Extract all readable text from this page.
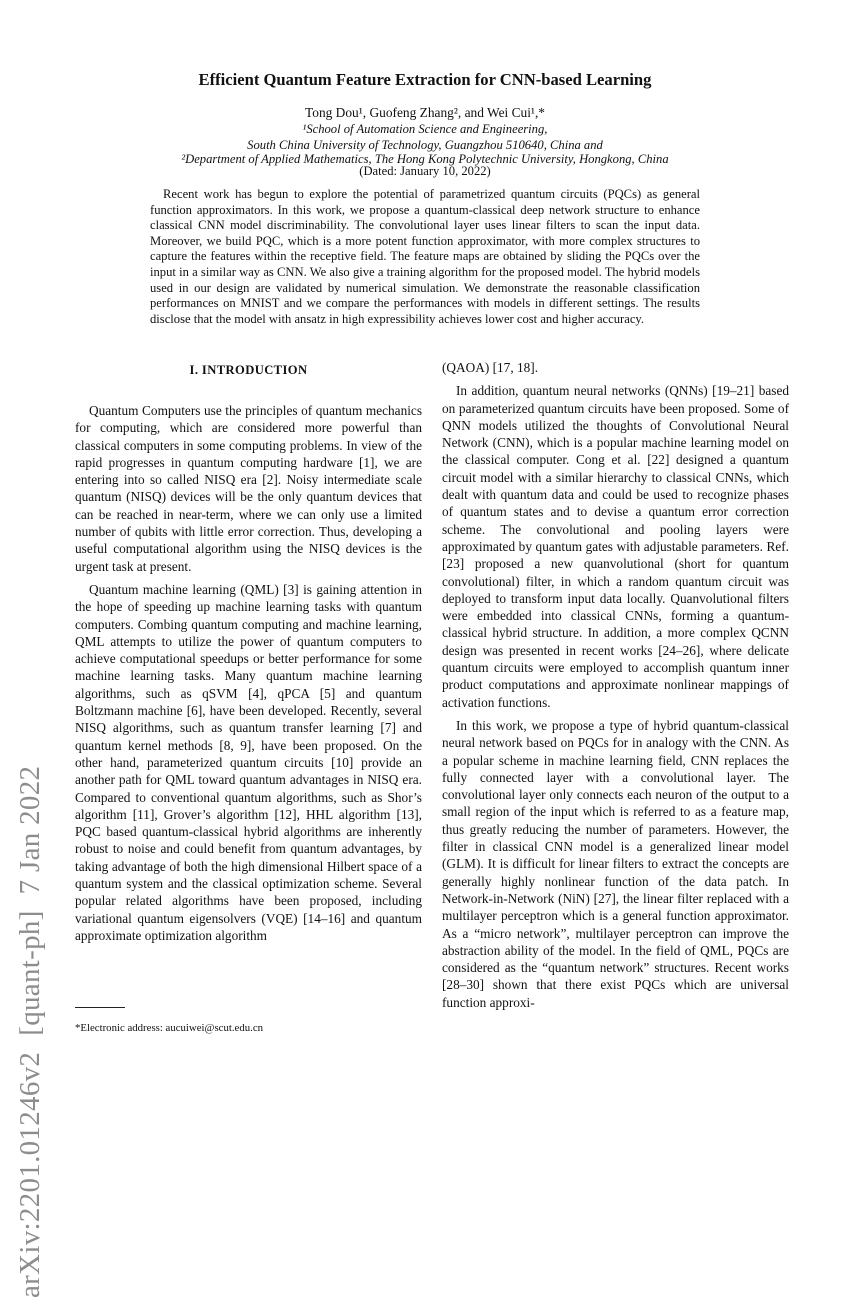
arXiv:2201.01246v2[quant-ph]7 Jan 2022
Efficient Quantum Feature Extraction for CNN-based Learning
Tong Dou¹, Guofeng Zhang², and Wei Cui¹,*
¹School of Automation Science and Engineering,
South China University of Technology, Guangzhou 510640, China and
²Department of Applied Mathematics, The Hong Kong Polytechnic University, Hongkong, China
(Dated: January 10, 2022)

Recent work has begun to explore the potential of parametrized quantum circuits (PQCs) as general function approximators. In this work, we propose a quantum-classical deep network structure to enhance classical CNN model discriminability. The convolutional layer uses linear filters to scan the input data. Moreover, we build PQC, which is a more potent function approximator, with more complex structures to capture the features within the receptive field. The feature maps are obtained by sliding the PQCs over the input in a similar way as CNN. We also give a training algorithm for the proposed model. The hybrid models used in our design are validated by numerical simulation. We demonstrate the reasonable classification performances on MNIST and we compare the performances with models in different settings. The results disclose that the model with ansatz in high expressibility achieves lower cost and higher accuracy.

I. INTRODUCTION

Quantum Computers use the principles of quantum mechanics for computing, which are considered more powerful than classical computers in some computing problems. In view of the rapid progresses in quantum computing hardware [1], we are entering into so called NISQ era [2]. Noisy intermediate scale quantum (NISQ) devices will be the only quantum devices that can be reached in near-term, where we can only use a limited number of qubits with little error correction. Thus, developing a useful computational algorithm using the NISQ devices is the urgent task at present.

Quantum machine learning (QML) [3] is gaining attention in the hope of speeding up machine learning tasks with quantum computers. Combing quantum computing and machine learning, QML attempts to utilize the power of quantum computers to achieve computational speedups or better performance for some machine learning tasks. Many quantum machine learning algorithms, such as qSVM [4], qPCA [5] and quantum Boltzmann machine [6], have been developed. Recently, several NISQ algorithms, such as quantum transfer learning [7] and quantum kernel methods [8, 9], have been proposed. On the other hand, parameterized quantum circuits [10] provide an another path for QML toward quantum advantages in NISQ era. Compared to conventional quantum algorithms, such as Shor’s algorithm [11], Grover’s algorithm [12], HHL algorithm [13], PQC based quantum-classical hybrid algorithms are inherently robust to noise and could benefit from quantum advantages, by taking advantage of both the high dimensional Hilbert space of a quantum system and the classical optimization scheme. Several popular related algorithms have been proposed, including variational quantum eigensolvers (VQE) [14–16] and quantum approximate optimization algorithm

(QAOA) [17, 18].

In addition, quantum neural networks (QNNs) [19–21] based on parameterized quantum circuits have been proposed. Some of QNN models utilized the thoughts of Convolutional Neural Network (CNN), which is a popular machine learning model on the classical computer. Cong et al. [22] designed a quantum circuit model with a similar hierarchy to classical CNNs, which dealt with quantum data and could be used to recognize phases of quantum states and to devise a quantum error correction scheme. The convolutional and pooling layers were approximated by quantum gates with adjustable parameters. Ref. [23] proposed a new quanvolutional (short for quantum convolutional) filter, in which a random quantum circuit was deployed to transform input data locally. Quanvolutional filters were embedded into classical CNNs, forming a quantum-classical hybrid structure. In addition, a more complex QCNN design was presented in recent works [24–26], where delicate quantum circuits were employed to accomplish quantum inner product computations and approximate nonlinear mappings of activation functions.

In this work, we propose a type of hybrid quantum-classical neural network based on PQCs for in analogy with the CNN. As a popular scheme in machine learning field, CNN replaces the fully connected layer with a convolutional layer. The convolutional layer only connects each neuron of the output to a small region of the input which is referred to as a feature map, thus greatly reducing the number of parameters. However, the filter in classical CNN model is a generalized linear model (GLM). It is difficult for linear filters to extract the concepts are generally highly nonlinear function of the data patch. In Network-in-Network (NiN) [27], the linear filter replaced with a multilayer perceptron which is a general function approximator. As a “micro network”, multilayer perceptron can improve the abstraction ability of the model. In the field of QML, PQCs are considered as the “quantum network” structures. Recent works [28–30] shown that there exist PQCs which are universal function approxi-

*Electronic address: aucuiwei@scut.edu.cn
